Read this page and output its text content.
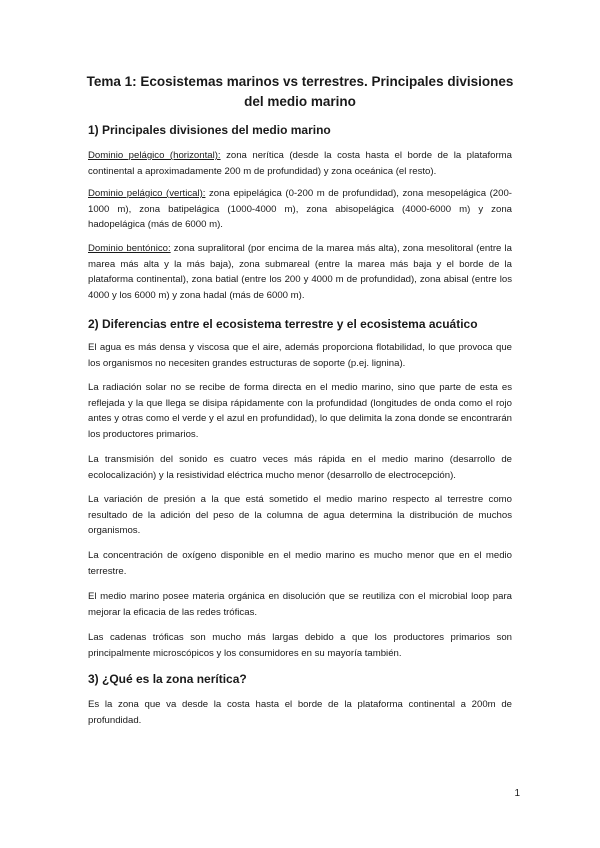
Tema 1: Ecosistemas marinos vs terrestres. Principales divisiones del medio marino
1) Principales divisiones del medio marino

Dominio pelágico (horizontal): zona nerítica (desde la costa hasta el borde de la plataforma continental a aproximadamente 200 m de profundidad) y zona oceánica (el resto).

Dominio pelágico (vertical): zona epipelágica (0-200 m de profundidad), zona mesopelágica (200-1000 m), zona batipelágica (1000-4000 m), zona abisopelágica (4000-6000 m) y zona hadopelágica (más de 6000 m).

Dominio bentónico: zona supralitoral (por encima de la marea más alta), zona mesolitoral (entre la marea más alta y la más baja), zona submareal (entre la marea más baja y el borde de la plataforma continental), zona batial (entre los 200 y 4000 m de profundidad), zona abisal (entre los 4000 y los 6000 m) y zona hadal (más de 6000 m).

2) Diferencias entre el ecosistema terrestre y el ecosistema acuático

El agua es más densa y viscosa que el aire, además proporciona flotabilidad, lo que provoca que los organismos no necesiten grandes estructuras de soporte (p.ej. lignina).

La radiación solar no se recibe de forma directa en el medio marino, sino que parte de esta es reflejada y la que llega se disipa rápidamente con la profundidad (longitudes de onda como el rojo antes y otras como el verde y el azul en profundidad), lo que delimita la zona donde se encontrarán los productores primarios.

La transmisión del sonido es cuatro veces más rápida en el medio marino (desarrollo de ecolocalización) y la resistividad eléctrica mucho menor (desarrollo de electrocepción).

La variación de presión a la que está sometido el medio marino respecto al terrestre como resultado de la adición del peso de la columna de agua determina la distribución de muchos organismos.

La concentración de oxígeno disponible en el medio marino es mucho menor que en el medio terrestre.

El medio marino posee materia orgánica en disolución que se reutiliza con el microbial loop para mejorar la eficacia de las redes tróficas.

Las cadenas tróficas son mucho más largas debido a que los productores primarios son principalmente microscópicos y los consumidores en su mayoría también.

3) ¿Qué es la zona nerítica?

Es la zona que va desde la costa hasta el borde de la plataforma continental a 200m de profundidad.

1
